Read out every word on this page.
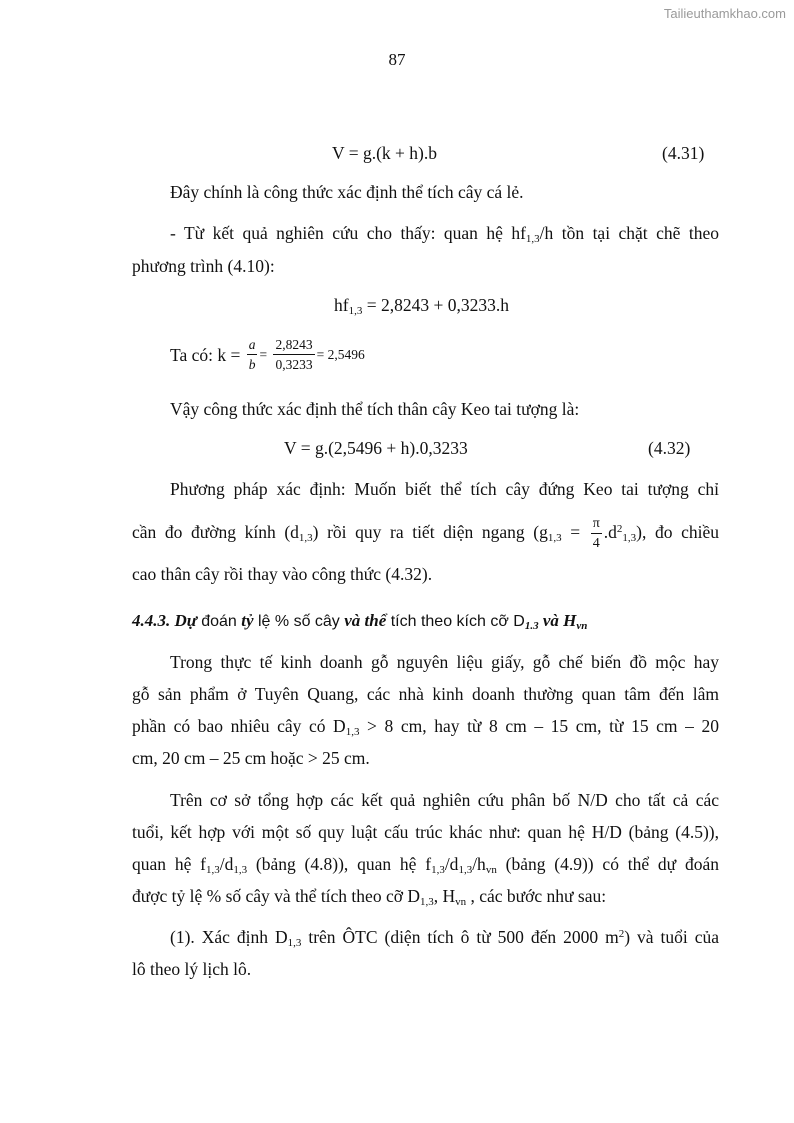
Tailieuthamkhao.com
87
V = g.(k + h).b	(4.31)
Đây chính là công thức xác định thể tích cây cá lẻ.
- Từ kết quả nghiên cứu cho thấy: quan hệ $hf_{1,3}/h$ tồn tại chặt chẽ theo
phương trình (4.10):
$hf_{1,3} = 2,8243 + 0,3233.h$
Ta có: $k = \frac{a}{b} = \frac{2,8243}{0,3233} = 2,5496$
Vậy công thức xác định thể tích thân cây Keo tai tượng là:
V = g.(2,5496 + h).0,3233	(4.32)
Phương pháp xác định: Muốn biết thể tích cây đứng Keo tai tượng chỉ
cần đo đường kính $(d_{1,3})$ rồi quy ra tiết diện ngang $(g_{1,3} = \frac{\pi}{4} .d^2_{1,3})$, đo chiều
cao thân cây rồi thay vào công thức (4.32).
4.4.3. Dự đoán tỷ lệ % số cây và thể tích theo kích cỡ $D_{1.3}$ và $H_{vn}$
Trong thực tế kinh doanh gỗ nguyên liệu giấy, gỗ chế biến đồ mộc hay
gỗ sản phẩm ở Tuyên Quang, các nhà kinh doanh thường quan tâm đến lâm
phần có bao nhiêu cây có $D_{1,3} > 8$ cm, hay từ 8 cm – 15 cm, từ 15 cm – 20
cm, 20 cm – 25 cm hoặc > 25 cm.
Trên cơ sở tổng hợp các kết quả nghiên cứu phân bố N/D cho tất cả các
tuổi, kết hợp với một số quy luật cấu trúc khác như: quan hệ H/D (bảng (4.5)),
quan hệ $f_{1,3}/d_{1,3}$ (bảng (4.8)), quan hệ $f_{1,3}/d_{1,3}/h_{vn}$ (bảng (4.9)) có thể dự đoán
được tỷ lệ % số cây và thể tích theo cỡ $D_{1,3}$, $H_{vn}$ , các bước như sau:
(1). Xác định $D_{1,3}$ trên ÔTC (diện tích ô từ 500 đến 2000 $m^2$) và tuổi của
lô theo lý lịch lô.
